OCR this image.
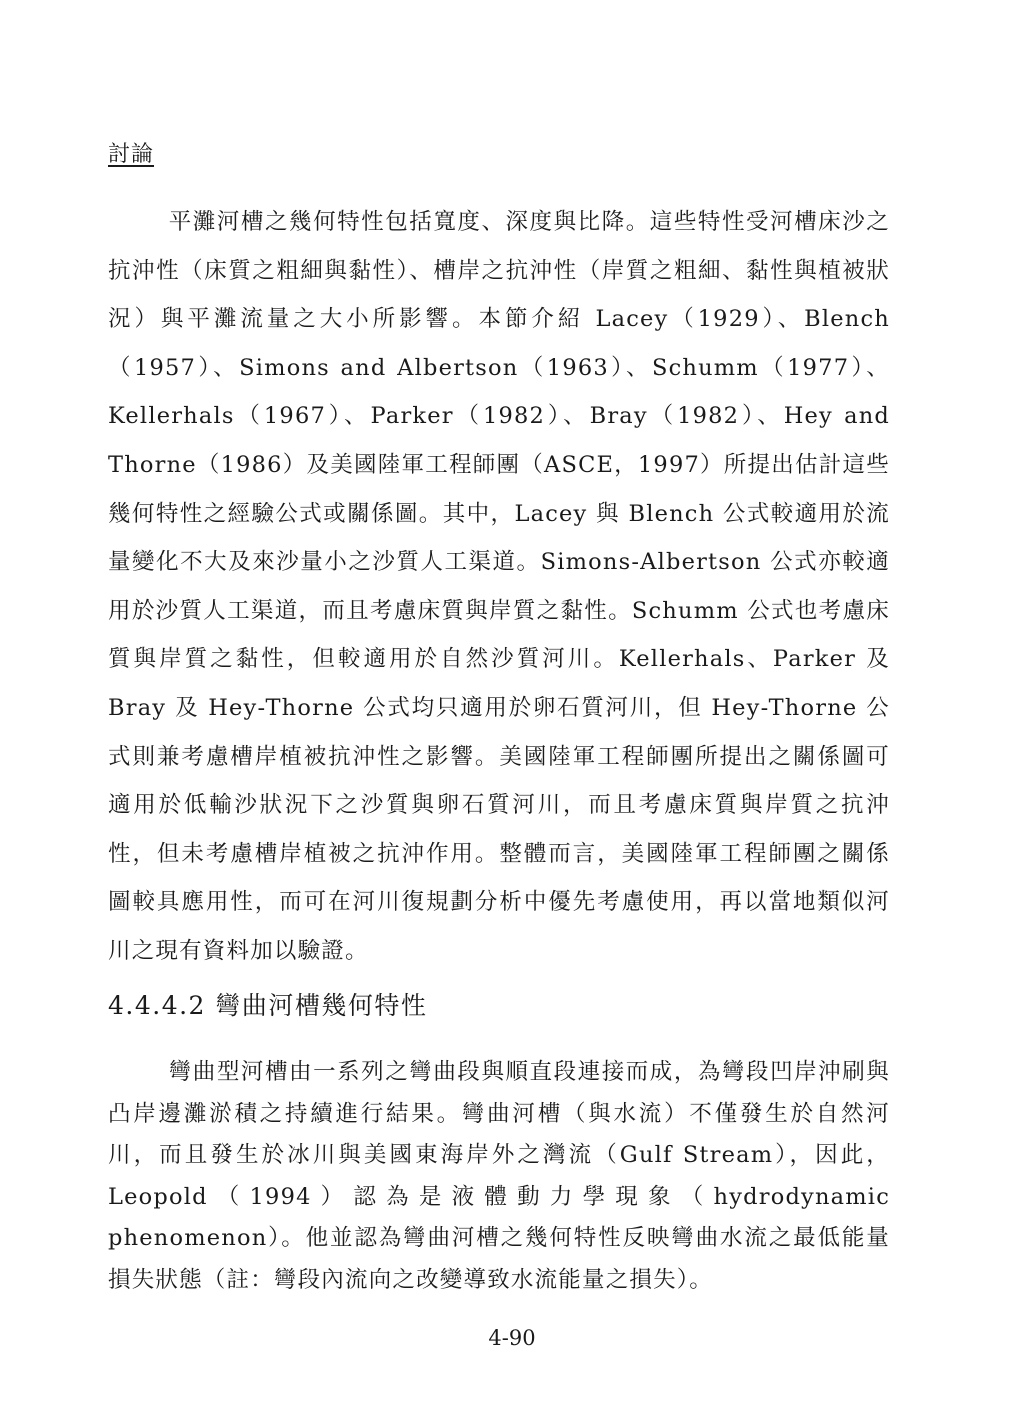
討論

平灘河槽之幾何特性包括寬度、深度與比降。這些特性受河槽床沙之抗沖性（床質之粗細與黏性）、槽岸之抗沖性（岸質之粗細、黏性與植被狀況）與平灘流量之大小所影響。本節介紹 Lacey（1929）、Blench（1957）、Simons and Albertson（1963）、Schumm（1977）、Kellerhals（1967）、Parker（1982）、Bray（1982）、Hey and Thorne（1986）及美國陸軍工程師團（ASCE，1997）所提出估計這些幾何特性之經驗公式或關係圖。其中，Lacey 與 Blench 公式較適用於流量變化不大及來沙量小之沙質人工渠道。Simons-Albertson 公式亦較適用於沙質人工渠道，而且考慮床質與岸質之黏性。Schumm 公式也考慮床質與岸質之黏性，但較適用於自然沙質河川。Kellerhals、Parker 及 Bray 及 Hey-Thorne 公式均只適用於卵石質河川，但 Hey-Thorne 公式則兼考慮槽岸植被抗沖性之影響。美國陸軍工程師團所提出之關係圖可適用於低輸沙狀況下之沙質與卵石質河川，而且考慮床質與岸質之抗沖性，但未考慮槽岸植被之抗沖作用。整體而言，美國陸軍工程師團之關係圖較具應用性，而可在河川復規劃分析中優先考慮使用，再以當地類似河川之現有資料加以驗證。

4.4.4.2 彎曲河槽幾何特性

彎曲型河槽由一系列之彎曲段與順直段連接而成，為彎段凹岸沖刷與凸岸邊灘淤積之持續進行結果。彎曲河槽（與水流）不僅發生於自然河川，而且發生於冰川與美國東海岸外之灣流（Gulf Stream），因此，Leopold（1994）認為是液體動力學現象（hydrodynamic phenomenon）。他並認為彎曲河槽之幾何特性反映彎曲水流之最低能量損失狀態（註：彎段內流向之改變導致水流能量之損失）。

4-90
